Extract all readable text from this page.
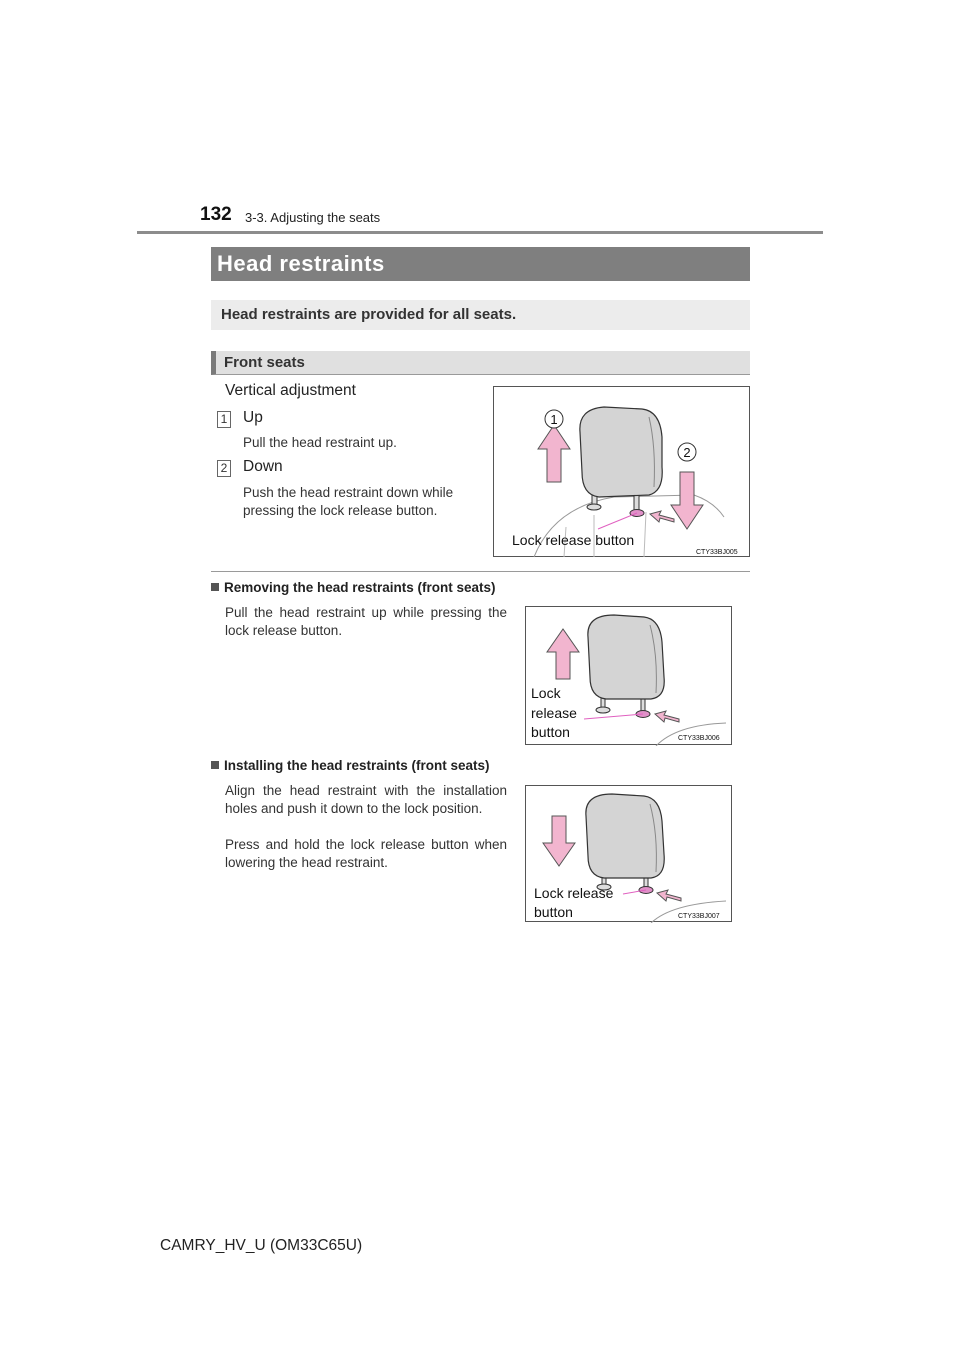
132 3-3. Adjusting the seats
Head restraints
Head restraints are provided for all seats.
Front seats
Vertical adjustment
1 Up
Pull the head restraint up.
2 Down
Push the head restraint down while pressing the lock release button.
1
2
Lock release button
CTY33BJ005
Removing the head restraints (front seats)
Pull the head restraint up while pressing the lock release button.
Lock
release
button	CTY33BJ006
Installing the head restraints (front seats)
Align the head restraint with the installation holes and push it down to the lock position.
Press and hold the lock release button when lowering the head restraint.
Lock release
button	CTY33BJ007
CAMRY_HV_U (OM33C65U)
